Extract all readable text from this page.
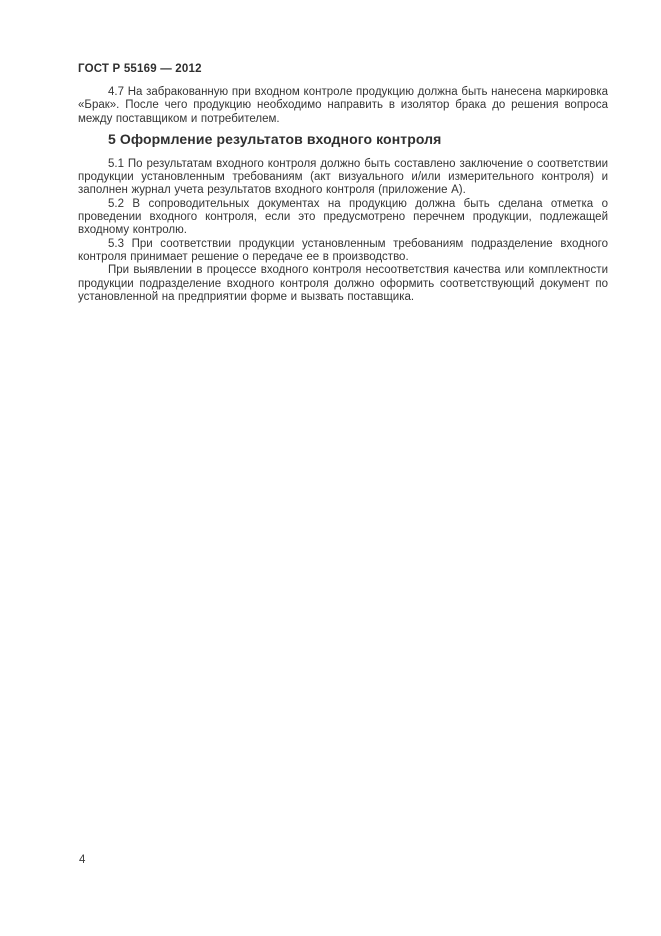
ГОСТ Р 55169 — 2012

4.7 На забракованную при входном контроле продукцию должна быть нанесена маркировка «Брак». После чего продукцию необходимо направить в изолятор брака до решения вопроса между поставщиком и потребителем.

5 Оформление результатов входного контроля

5.1 По результатам входного контроля должно быть составлено заключение о соответствии продукции установленным требованиям (акт визуального и/или измерительного контроля) и заполнен журнал учета результатов входного контроля (приложение А).

5.2 В сопроводительных документах на продукцию должна быть сделана отметка о проведении входного контроля, если это предусмотрено перечнем продукции, подлежащей входному контролю.

5.3 При соответствии продукции установленным требованиям подразделение входного контроля принимает решение о передаче ее в производство.

При выявлении в процессе входного контроля несоответствия качества или комплектности продукции подразделение входного контроля должно оформить соответствующий документ по установленной на предприятии форме и вызвать поставщика.

4
